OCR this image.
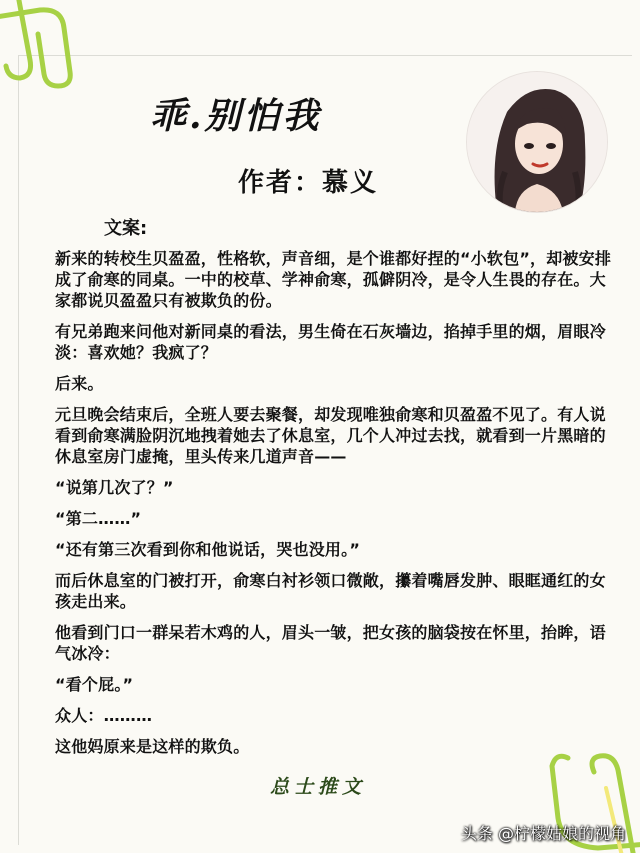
乖.别怕我
作者：慕义
文案:

新来的转校生贝盈盈，性格软，声音细，是个谁都好捏的“小软包”，却被安排成了俞寒的同桌。一中的校草、学神俞寒，孤僻阴冷，是令人生畏的存在。大家都说贝盈盈只有被欺负的份。

有兄弟跑来问他对新同桌的看法，男生倚在石灰墙边，掐掉手里的烟，眉眼冷淡：喜欢她？我疯了？

后来。

元旦晚会结束后，全班人要去聚餐，却发现唯独俞寒和贝盈盈不见了。有人说看到俞寒满脸阴沉地拽着她去了休息室，几个人冲过去找，就看到一片黑暗的休息室房门虚掩，里头传来几道声音——

“说第几次了？”

“第二……”

“还有第三次看到你和他说话，哭也没用。”

而后休息室的门被打开，俞寒白衬衫领口微敞，攥着嘴唇发肿、眼眶通红的女孩走出来。

他看到门口一群呆若木鸡的人，眉头一皱，把女孩的脑袋按在怀里，抬眸，语气冰冷：

“看个屁。”

众人：………

这他妈原来是这样的欺负。

总士推文
头条 @柠檬姑娘的视角
